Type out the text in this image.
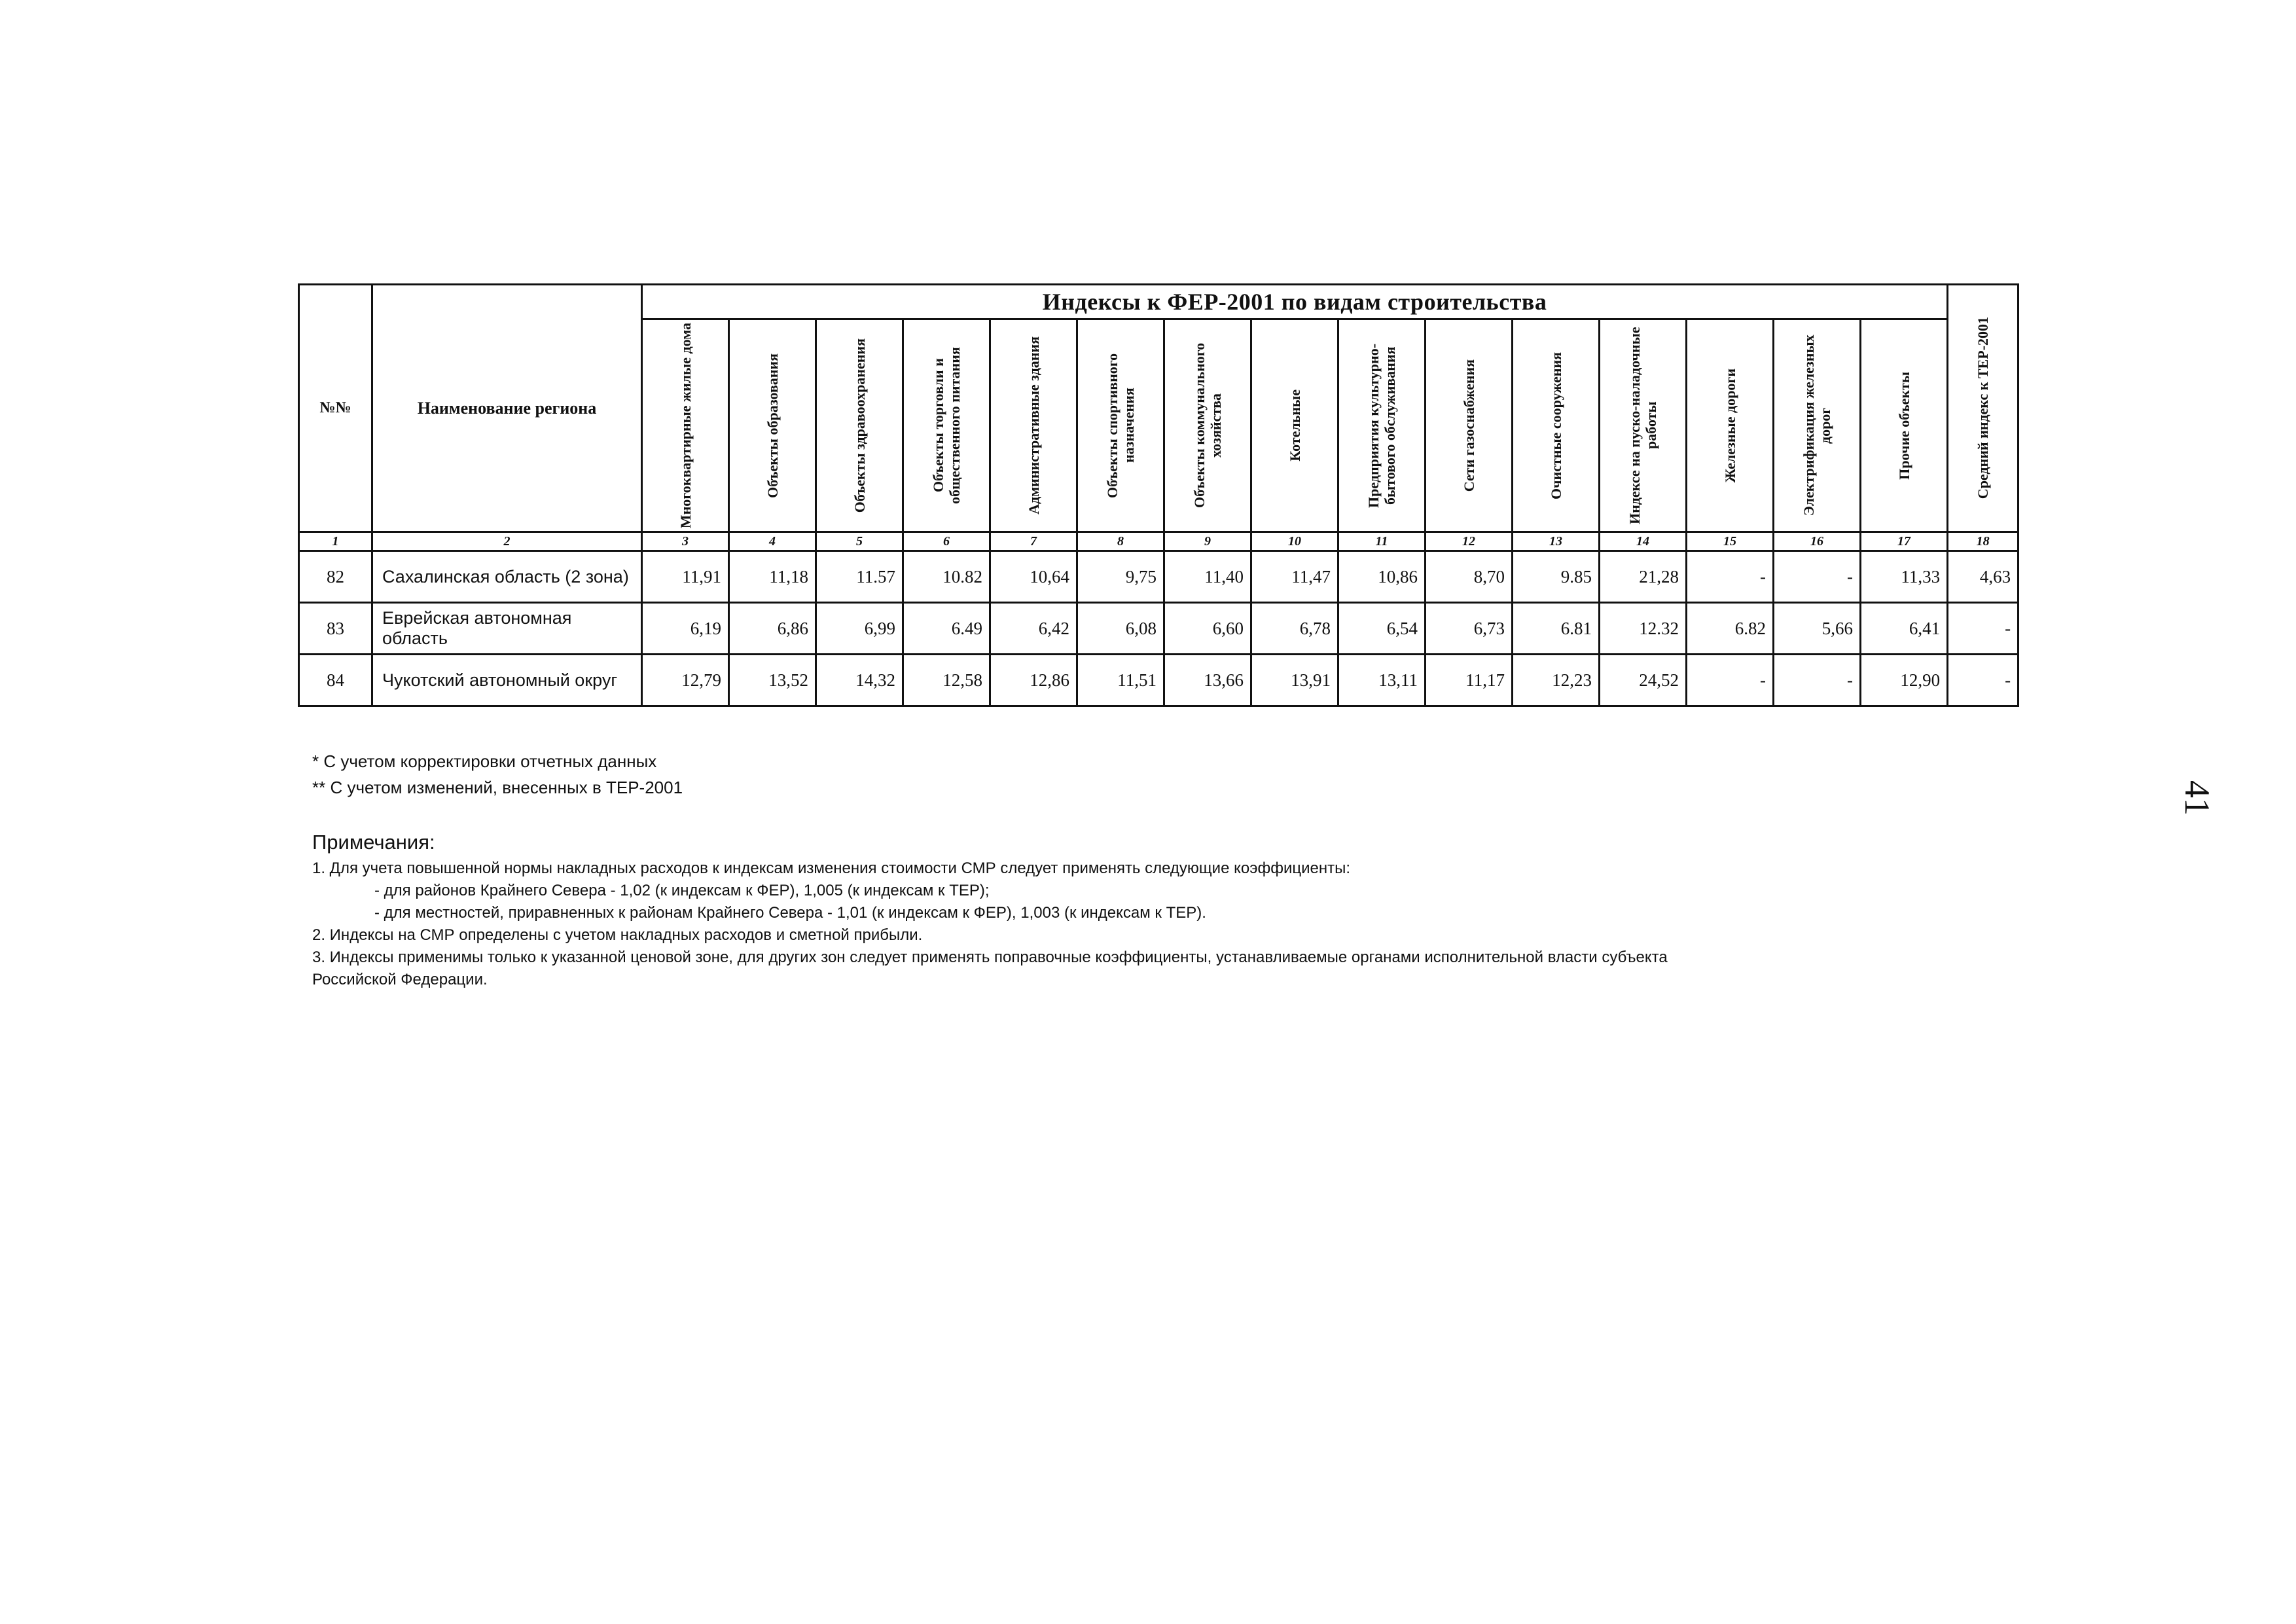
№№	Наименование региона	Индексы к ФЕР-2001 по видам строительства															Средний индекс к ТЕР-2001

		Многоквартирные жилые дома	Объекты образования	Объекты здравоохранения	Объекты торговли и общественного питания	Административные здания	Объекты спортивного назначения	Объекты коммунального хозяйства	Котельные	Предприятия культурно-бытового обслуживания	Сети газоснабжения	Очистные сооружения	Индексе на пуско-наладочные работы	Железные дороги	Электрификация железных дорог	Прочие объекты	

1	2	3	4	5	6	7	8	9	10	11	12	13	14	15	16	17	18
82	Сахалинская область (2 зона)	11,91	11,18	11.57	10.82	10,64	9,75	11,40	11,47	10,86	8,70	9.85	21,28	-	-	11,33	4,63
83	Еврейская автономная область	6,19	6,86	6,99	6.49	6,42	6,08	6,60	6,78	6,54	6,73	6.81	12.32	6.82	5,66	6,41	-
84	Чукотский автономный округ	12,79	13,52	14,32	12,58	12,86	11,51	13,66	13,91	13,11	11,17	12,23	24,52	-	-	12,90	-
* С учетом корректировки отчетных данных
** С учетом изменений, внесенных в ТЕР-2001
Примечания:
1. Для учета повышенной нормы накладных расходов к индексам изменения стоимости СМР следует применять следующие коэффициенты:
- для районов Крайнего Севера - 1,02 (к индексам к ФЕР), 1,005 (к индексам к ТЕР);
- для местностей, приравненных к районам Крайнего Севера - 1,01 (к индексам к ФЕР), 1,003 (к индексам к ТЕР).
2. Индексы на СМР определены с учетом накладных расходов и сметной прибыли.
3. Индексы применимы только к указанной ценовой зоне, для других зон следует применять поправочные коэффициенты, устанавливаемые органами исполнительной власти субъекта
Российской Федерации.
41
